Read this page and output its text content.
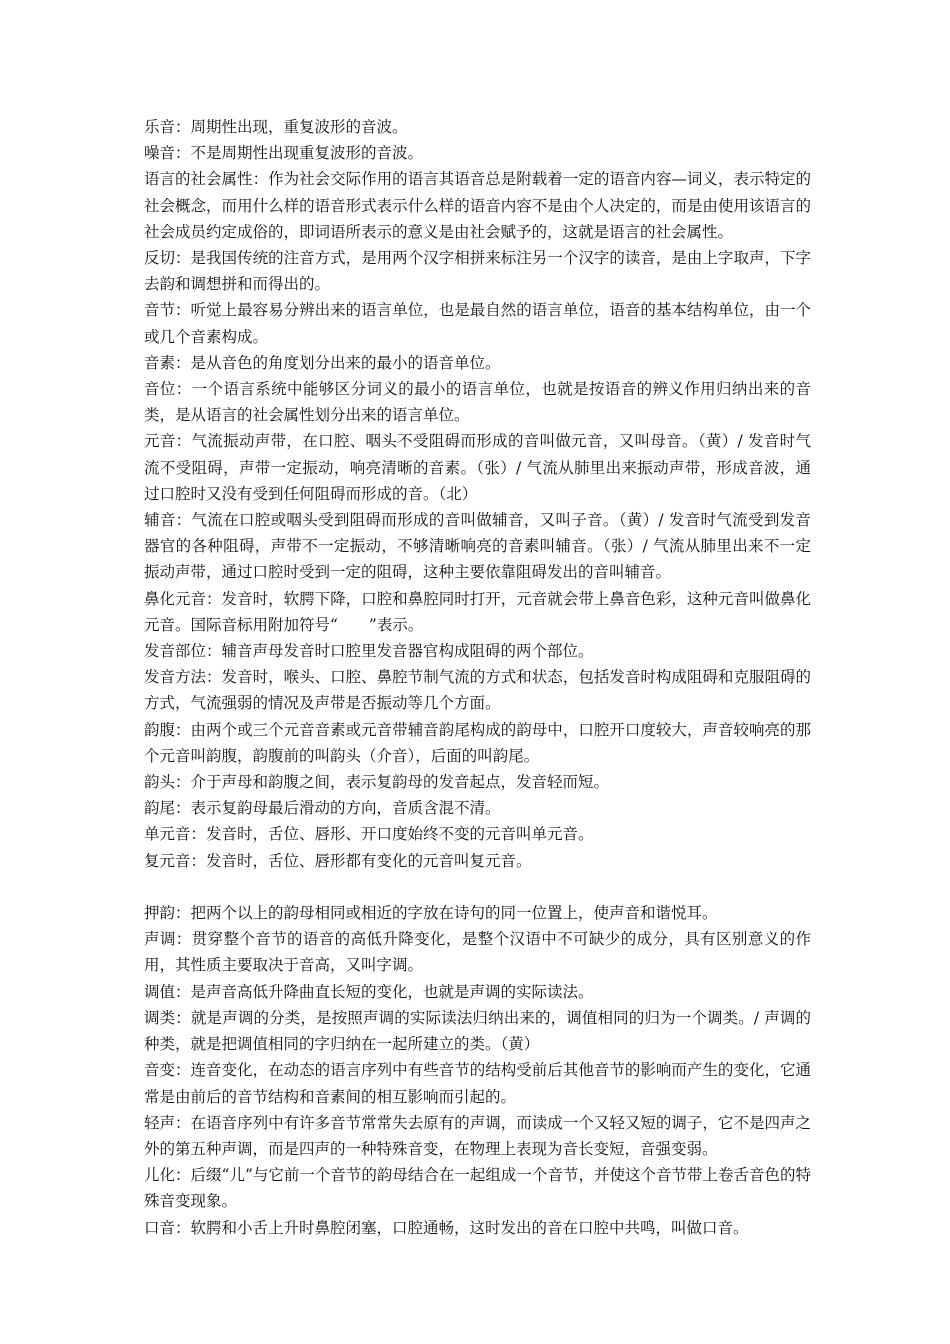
乐音：周期性出现，重复波形的音波。

噪音：不是周期性出现重复波形的音波。

语言的社会属性：作为社会交际作用的语言其语音总是附载着一定的语音内容—词义，表示特定的社会概念，而用什么样的语音形式表示什么样的语音内容不是由个人决定的，而是由使用该语言的社会成员约定成俗的，即词语所表示的意义是由社会赋予的，这就是语言的社会属性。

反切：是我国传统的注音方式，是用两个汉字相拼来标注另一个汉字的读音，是由上字取声，下字去韵和调想拼和而得出的。

音节：听觉上最容易分辨出来的语言单位，也是最自然的语言单位，语音的基本结构单位，由一个或几个音素构成。

音素：是从音色的角度划分出来的最小的语音单位。

音位：一个语言系统中能够区分词义的最小的语言单位，也就是按语音的辨义作用归纳出来的音类，是从语言的社会属性划分出来的语言单位。

元音：气流振动声带，在口腔、咽头不受阻碍而形成的音叫做元音，又叫母音。（黄）/ 发音时气流不受阻碍，声带一定振动，响亮清晰的音素。（张）/ 气流从肺里出来振动声带，形成音波，通过口腔时又没有受到任何阻碍而形成的音。（北）

辅音：气流在口腔或咽头受到阻碍而形成的音叫做辅音，又叫子音。（黄）/ 发音时气流受到发音器官的各种阻碍，声带不一定振动，不够清晰响亮的音素叫辅音。（张）/ 气流从肺里出来不一定振动声带，通过口腔时受到一定的阻碍，这种主要依靠阻碍发出的音叫辅音。

鼻化元音：发音时，软腭下降，口腔和鼻腔同时打开，元音就会带上鼻音色彩，这种元音叫做鼻化元音。国际音标用附加符号“　　”表示。

发音部位：辅音声母发音时口腔里发音器官构成阻碍的两个部位。

发音方法：发音时，喉头、口腔、鼻腔节制气流的方式和状态，包括发音时构成阻碍和克服阻碍的方式，气流强弱的情况及声带是否振动等几个方面。

韵腹：由两个或三个元音音素或元音带辅音韵尾构成的韵母中，口腔开口度较大，声音较响亮的那个元音叫韵腹，韵腹前的叫韵头（介音），后面的叫韵尾。

韵头：介于声母和韵腹之间，表示复韵母的发音起点，发音轻而短。

韵尾：表示复韵母最后滑动的方向，音质含混不清。

单元音：发音时，舌位、唇形、开口度始终不变的元音叫单元音。

复元音：发音时，舌位、唇形都有变化的元音叫复元音。

押韵：把两个以上的韵母相同或相近的字放在诗句的同一位置上，使声音和谐悦耳。

声调：贯穿整个音节的语音的高低升降变化，是整个汉语中不可缺少的成分，具有区别意义的作用，其性质主要取决于音高，又叫字调。

调值：是声音高低升降曲直长短的变化，也就是声调的实际读法。

调类：就是声调的分类，是按照声调的实际读法归纳出来的，调值相同的归为一个调类。/ 声调的种类，就是把调值相同的字归纳在一起所建立的类。（黄）

音变：连音变化，在动态的语言序列中有些音节的结构受前后其他音节的影响而产生的变化，它通常是由前后的音节结构和音素间的相互影响而引起的。

轻声：在语音序列中有许多音节常常失去原有的声调，而读成一个又轻又短的调子，它不是四声之外的第五种声调，而是四声的一种特殊音变，在物理上表现为音长变短，音强变弱。

儿化：后缀“儿”与它前一个音节的韵母结合在一起组成一个音节，并使这个音节带上卷舌音色的特殊音变现象。

口音：软腭和小舌上升时鼻腔闭塞，口腔通畅，这时发出的音在口腔中共鸣，叫做口音。
